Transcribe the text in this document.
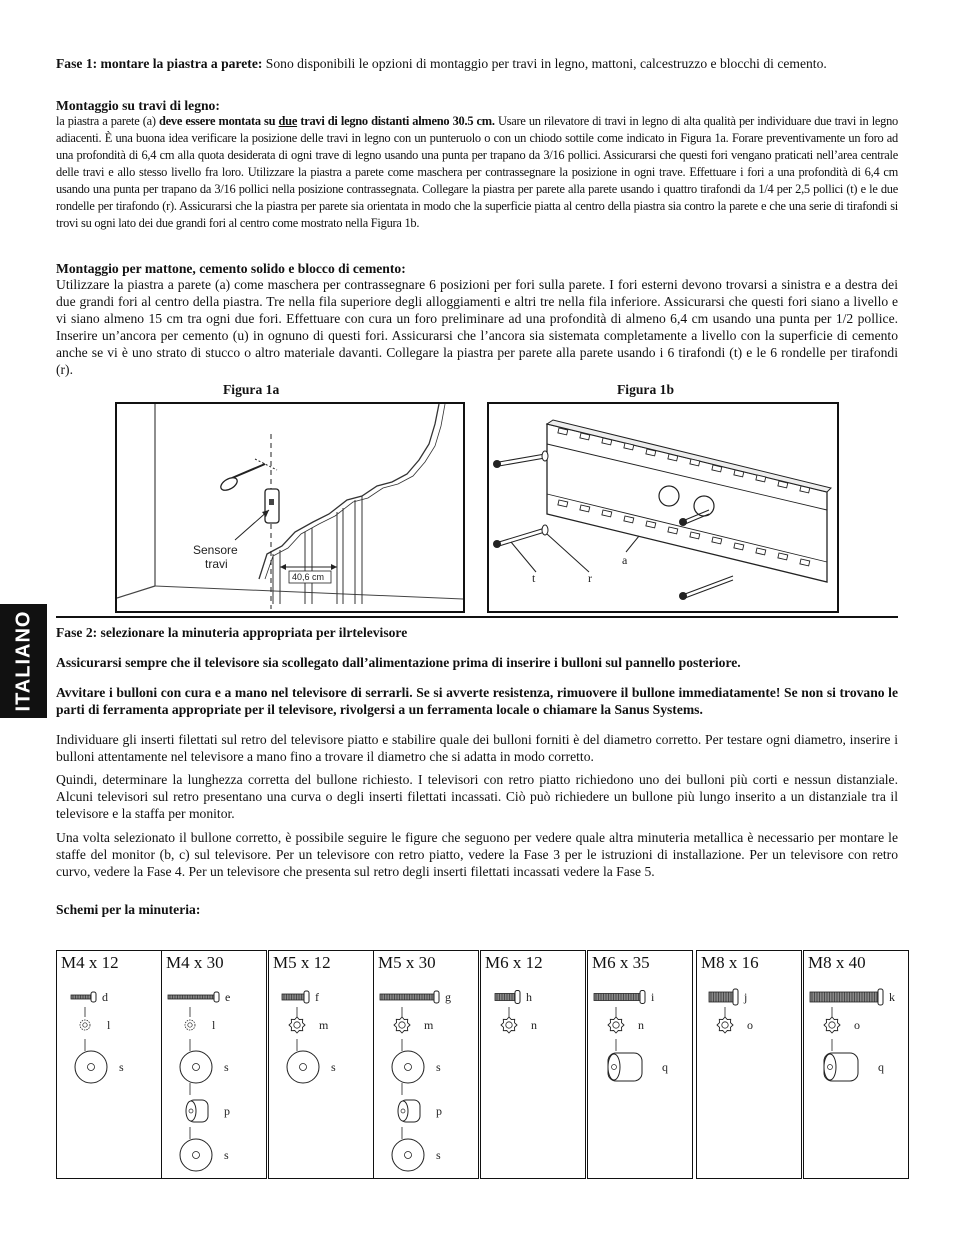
Fase 1: montare la piastra a parete: Sono disponibili le opzioni di montaggio per travi in legno, mattoni, calcestruzzo e blocchi di cemento.
Montaggio su travi di legno:
la piastra a parete (a) deve essere montata su due travi di legno distanti almeno 30.5 cm. Usare un rilevatore di travi in legno di alta qualità per individuare due travi in legno adiacenti. È una buona idea verificare la posizione delle travi in legno con un punteruolo o con un chiodo sottile come indicato in Figura 1a. Forare preventivamente un foro ad una profondità di 6,4 cm alla quota desiderata di ogni trave di legno usando una punta per trapano da 3/16 pollici. Assicurarsi che questi fori vengano praticati nell’area centrale delle travi e allo stesso livello fra loro. Utilizzare la piastra a parete come maschera per contrassegnare la posizione in ogni trave. Effettuare i fori a una profondità di 6,4 cm usando una punta per trapano da 3/16 pollici nella posizione contrassegnata. Collegare la piastra per parete alla parete usando i quattro tirafondi da 1/4 per 2,5 pollici (t) e le due rondelle per tirafondo (r). Assicurarsi che la piastra per parete sia orientata in modo che la superficie piatta al centro della piastra sia contro la parete e che una serie di tirafondi si trovi su ogni lato dei due grandi fori al centro come mostrato nella Figura 1b.
Montaggio per mattone, cemento solido e blocco di cemento:
Utilizzare la piastra a parete (a) come maschera per contrassegnare 6 posizioni per fori sulla parete. I fori esterni devono trovarsi a sinistra e a destra dei due grandi fori al centro della piastra. Tre nella fila superiore degli alloggiamenti e altri tre nella fila inferiore. Assicurarsi che questi fori siano a livello e vi siano almeno 15 cm tra ogni due fori. Effettuare con cura un foro preliminare ad una profondità di almeno 6,4 cm usando una punta per 1/2 pollice. Inserire un’ancora per cemento (u) in ognuno di questi fori. Assicurarsi che l’ancora sia sistemata completamente a livello con la superficie di cemento anche se vi è uno strato di stucco o altro materiale davanti. Collegare la piastra per parete alla parete usando i 6 tirafondi (t) e le 6 rondelle per tirafondi (r).
Figura 1a	Figura 1b
40,6 cm
Sensore
travi	a
t	r
ITALIANO Fase 2: selezionare la minuteria appropriata per ilrtelevisore
Assicurarsi sempre che il televisore sia scollegato dall’alimentazione prima di inserire i bulloni sul pannello posteriore.
Avvitare i bulloni con cura e a mano nel televisore di serrarli. Se si avverte resistenza, rimuovere il bullone immediatamente! Se non si trovano le parti di ferramenta appropriate per il televisore, rivolgersi a un ferramenta locale o chiamare la Sanus Systems.
Individuare gli inserti filettati sul retro del televisore piatto e stabilire quale dei bulloni forniti è del diametro corretto. Per testare ogni diametro, inserire i bulloni attentamente nel televisore a mano fino a trovare il diametro che si adatta in modo corretto.
Quindi, determinare la lunghezza corretta del bullone richiesto. I televisori con retro piatto richiedono uno dei bulloni più corti e nessun distanziale. Alcuni televisori sul retro presentano una curva o degli inserti filettati incassati. Ciò può richiedere un bullone più lungo inserito a un distanziale tra il televisore e la staffa per monitor.
Una volta selezionato il bullone corretto, è possibile seguire le figure che seguono per vedere quale altra minuteria metallica è necessario per montare le staffe del monitor (b, c) sul televisore. Per un televisore con retro piatto, vedere la Fase 3 per le istruzioni di installazione. Per un televisore con retro curvo, vedere la Fase 4. Per un televisore che presenta sul retro degli inserti filettati incassati vedere la Fase 5.
Schemi per la minuteria:
M4 x 12
d
l
s
M4 x 30
e
l
s
p
s
M5 x 12
f
m
s
M5 x 30
g
m
s
p
s
M6 x 12
h
n
M6 x 35
i
n
q
M8 x 16
j
o
M8 x 40
k
o
q
